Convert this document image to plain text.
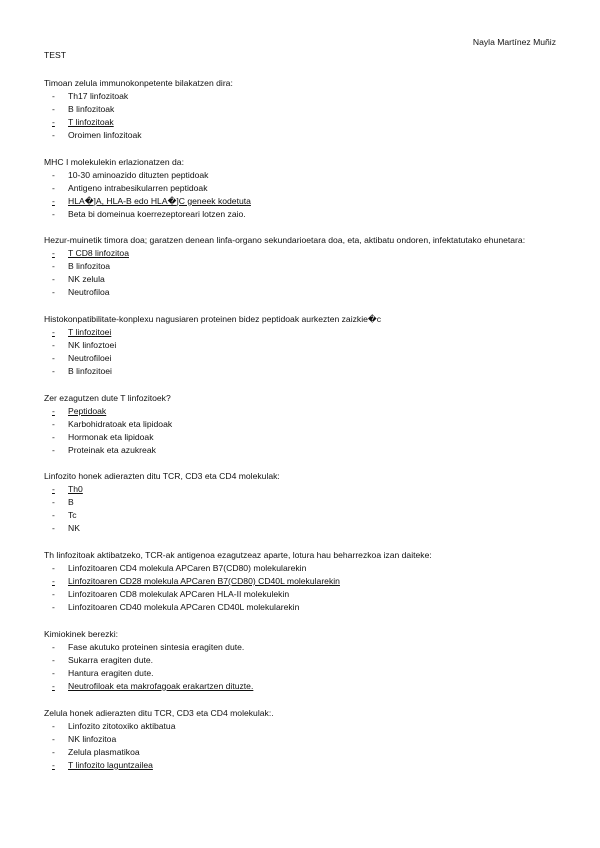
Nayla Martínez Muñiz
TEST

Timoan zelula immunokonpetente bilakatzen dira:

- Th17 linfozitoak
- B linfozitoak
- T linfozitoak
- Oroimen linfozitoak

MHC I molekulekin erlazionatzen da:

- 10-30 aminoazido dituzten peptidoak
- Antigeno intrabesikularren peptidoak
- HLA�]A, HLA-B edo HLA�]C geneek kodetuta
- Beta bi domeinua koerrezeptoreari lotzen zaio.

Hezur-muinetik timora doa; garatzen denean linfa-organo sekundarioetara doa, eta, aktibatu ondoren, infektatutako ehunetara:

- T CD8 linfozitoa
- B linfozitoa
- NK zelula
- Neutrofiloa

Histokonpatibilitate-konplexu nagusiaren proteinen bidez peptidoak aurkezten zaizkie�c

- T linfozitoei
- NK linfoztoei
- Neutrofiloei
- B linfozitoei

Zer ezagutzen dute T linfozitoek?

- Peptidoak
- Karbohidratoak eta lipidoak
- Hormonak eta lipidoak
- Proteinak eta azukreak

Linfozito honek adierazten ditu TCR, CD3 eta CD4 molekulak:

- Th0
- B
- Tc
- NK

Th linfozitoak aktibatzeko, TCR-ak antigenoa ezagutzeaz aparte, lotura hau beharrezkoa izan daiteke:

- Linfozitoaren CD4 molekula APCaren B7(CD80) molekularekin
- Linfozitoaren CD28 molekula APCaren B7(CD80) CD40L molekularekin
- Linfozitoaren CD8 molekulak APCaren HLA-II molekulekin
- Linfozitoaren CD40 molekula APCaren CD40L molekularekin

Kimiokinek berezki:

- Fase akutuko proteinen sintesia eragiten dute.
- Sukarra eragiten dute.
- Hantura eragiten dute.
- Neutrofiloak eta makrofagoak erakartzen dituzte.

Zelula honek adierazten ditu TCR, CD3 eta CD4 molekulak:.

- Linfozito zitotoxiko aktibatua
- NK linfozitoa
- Zelula plasmatikoa
- T linfozito laguntzailea
